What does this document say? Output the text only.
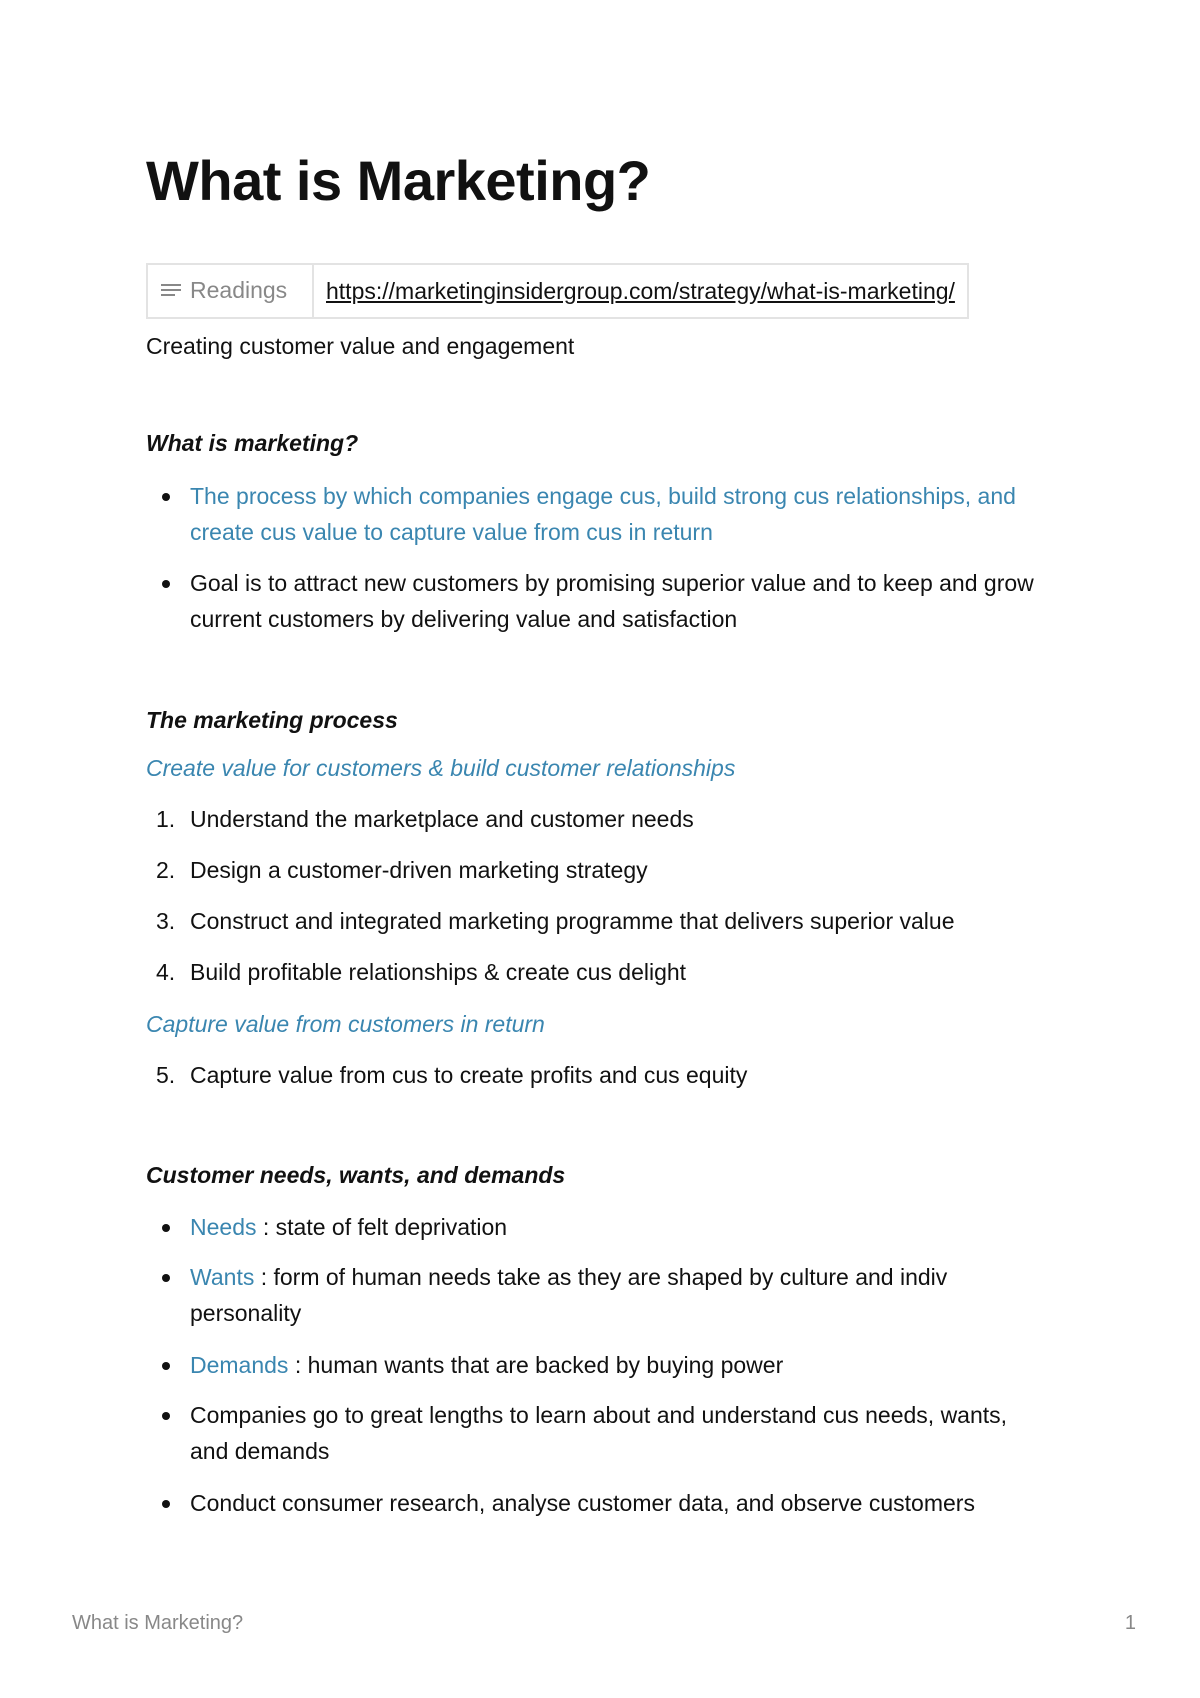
What is Marketing?
Readings	https://marketinginsidergroup.com/strategy/what-is-marketing/
Creating customer value and engagement
What is marketing?
The process by which companies engage cus, build strong cus relationships, and create cus value to capture value from cus in return
Goal is to attract new customers by promising superior value and to keep and grow current customers by delivering value and satisfaction
The marketing process
Create value for customers & build customer relationships
1. Understand the marketplace and customer needs
2. Design a customer-driven marketing strategy
3. Construct and integrated marketing programme that delivers superior value
4. Build profitable relationships & create cus delight
Capture value from customers in return
5. Capture value from cus to create profits and cus equity
Customer needs, wants, and demands
Needs : state of felt deprivation
Wants : form of human needs take as they are shaped by culture and indiv personality
Demands : human wants that are backed by buying power
Companies go to great lengths to learn about and understand cus needs, wants, and demands
Conduct consumer research, analyse customer data, and observe customers
What is Marketing?	1
